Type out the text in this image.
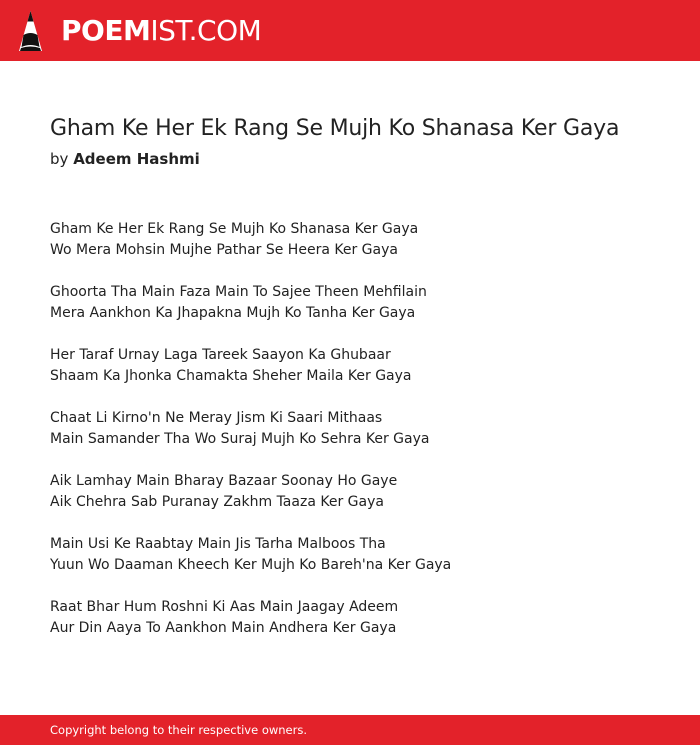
POEMIST.COM
Gham Ke Her Ek Rang Se Mujh Ko Shanasa Ker Gaya
by Adeem Hashmi
Gham Ke Her Ek Rang Se Mujh Ko Shanasa Ker Gaya
Wo Mera Mohsin Mujhe Pathar Se Heera Ker Gaya
Ghoorta Tha Main Faza Main To Sajee Theen Mehfilain
Mera Aankhon Ka Jhapakna Mujh Ko Tanha Ker Gaya
Her Taraf Urnay Laga Tareek Saayon Ka Ghubaar
Shaam Ka Jhonka Chamakta Sheher Maila Ker Gaya
Chaat Li Kirno'n Ne Meray Jism Ki Saari Mithaas
Main Samander Tha Wo Suraj Mujh Ko Sehra Ker Gaya
Aik Lamhay Main Bharay Bazaar Soonay Ho Gaye
Aik Chehra Sab Puranay Zakhm Taaza Ker Gaya
Main Usi Ke Raabtay Main Jis Tarha Malboos Tha
Yuun Wo Daaman Kheech Ker Mujh Ko Bareh'na Ker Gaya
Raat Bhar Hum Roshni Ki Aas Main Jaagay Adeem
Aur Din Aaya To Aankhon Main Andhera Ker Gaya
Copyright belong to their respective owners.
